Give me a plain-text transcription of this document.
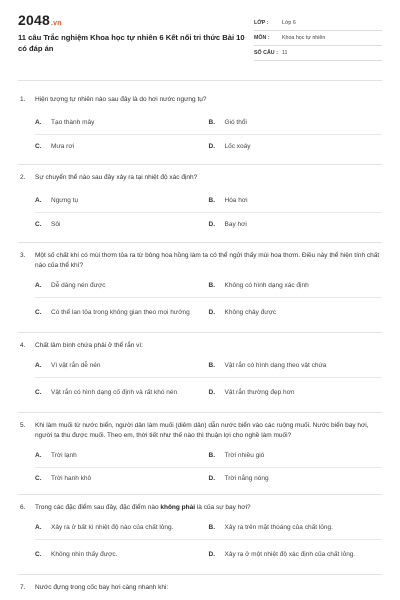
2048.vn
11 câu Trắc nghiệm Khoa học tự nhiên 6 Kết nối tri thức Bài 10 có đáp án
LỚP :	Lớp 6
MÔN :	Khoa học tự nhiên
SỐ CÂU : 11
1.	Hiện tượng tự nhiên nào sau đây là do hơi nước ngưng tụ?
A.	Tạo thành mây	B.	Gió thổi
C.	Mưa rơi	D.	Lốc xoáy
2.	Sự chuyển thể nào sau đây xảy ra tại nhiệt độ xác định?
A.	Ngưng tụ	B.	Hóa hơi
C.	Sôi	D.	Bay hơi
3.	Một số chất khí có mùi thơm tỏa ra từ bông hoa hồng làm ta có thể ngửi thấy mùi hoa thơm. Điều này thể hiện tính chất nào của thể khí?
A.	Dễ dàng nén được	B.	Không có hình dạng xác định
C.	Có thể lan tỏa trong không gian theo mọi hướng	D.	Không chảy được
4.	Chất lâm bình chứa phải ở thể rắn vì:
A.	Vì vật rắn dễ nén	B.	Vật rắn có hình dạng theo vật chứa
C.	Vật rắn có hình dạng cố định và rất khó nén	D.	Vật rắn thường đẹp hơn
5.	Khi làm muối từ nước biển, người dân làm muối (diêm dân) dẫn nước biển vào các ruộng muối. Nước biển bay hơi, người ta thu được muối. Theo em, thời tiết như thế nào thì thuận lợi cho nghề làm muối?
A.	Trời lạnh	B.	Trời nhiều gió
C.	Trời hanh khô	D.	Trời nắng nóng
6.	Trong các đặc điểm sau đây, đặc điểm nào không phải là của sự bay hơi?
A.	Xảy ra ở bất kì nhiệt độ nào của chất lỏng.	B.	Xảy ra trên mặt thoáng của chất lỏng.
C.	Không nhìn thấy được.	D.	Xảy ra ở một nhiệt độ xác định của chất lỏng.
7.	Nước đựng trong cốc bay hơi càng nhanh khi:
